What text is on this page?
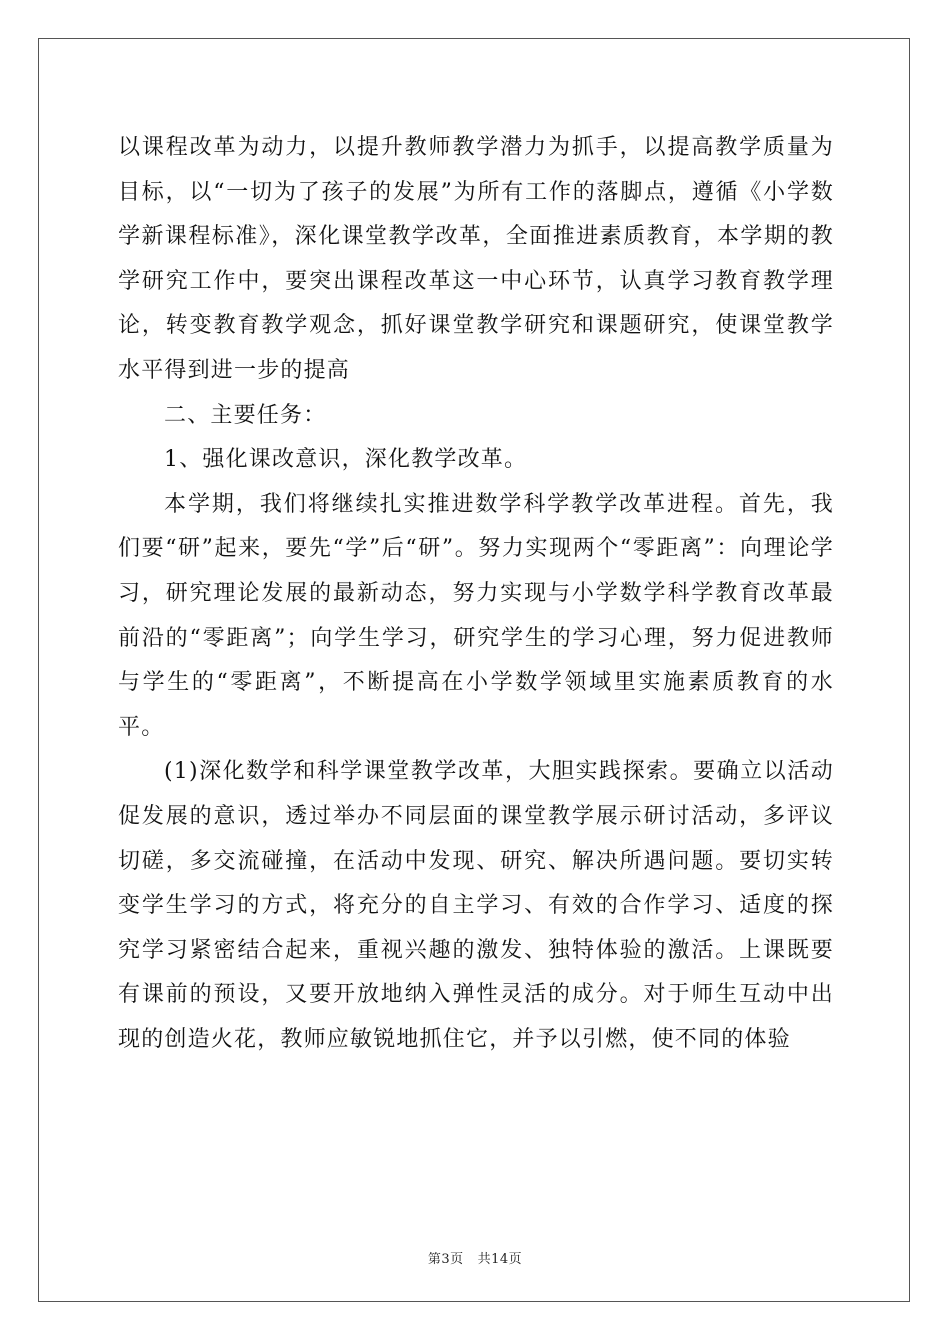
以课程改革为动力，以提升教师教学潜力为抓手，以提高教学质量为目标，以“一切为了孩子的发展”为所有工作的落脚点，遵循《小学数学新课程标准》，深化课堂教学改革，全面推进素质教育，本学期的教学研究工作中，要突出课程改革这一中心环节，认真学习教育教学理论，转变教育教学观念，抓好课堂教学研究和课题研究，使课堂教学水平得到进一步的提高

二、主要任务：

1、强化课改意识，深化教学改革。

本学期，我们将继续扎实推进数学科学教学改革进程。首先，我们要“研”起来，要先“学”后“研”。努力实现两个“零距离”：向理论学习，研究理论发展的最新动态，努力实现与小学数学科学教育改革最前沿的“零距离”；向学生学习，研究学生的学习心理，努力促进教师与学生的“零距离”，不断提高在小学数学领域里实施素质教育的水平。

(1)深化数学和科学课堂教学改革，大胆实践探索。要确立以活动促发展的意识，透过举办不同层面的课堂教学展示研讨活动，多评议切磋，多交流碰撞，在活动中发现、研究、解决所遇问题。要切实转变学生学习的方式，将充分的自主学习、有效的合作学习、适度的探究学习紧密结合起来，重视兴趣的激发、独特体验的激活。上课既要有课前的预设，又要开放地纳入弹性灵活的成分。对于师生互动中出现的创造火花，教师应敏锐地抓住它，并予以引燃，使不同的体验

第3页 共14页
